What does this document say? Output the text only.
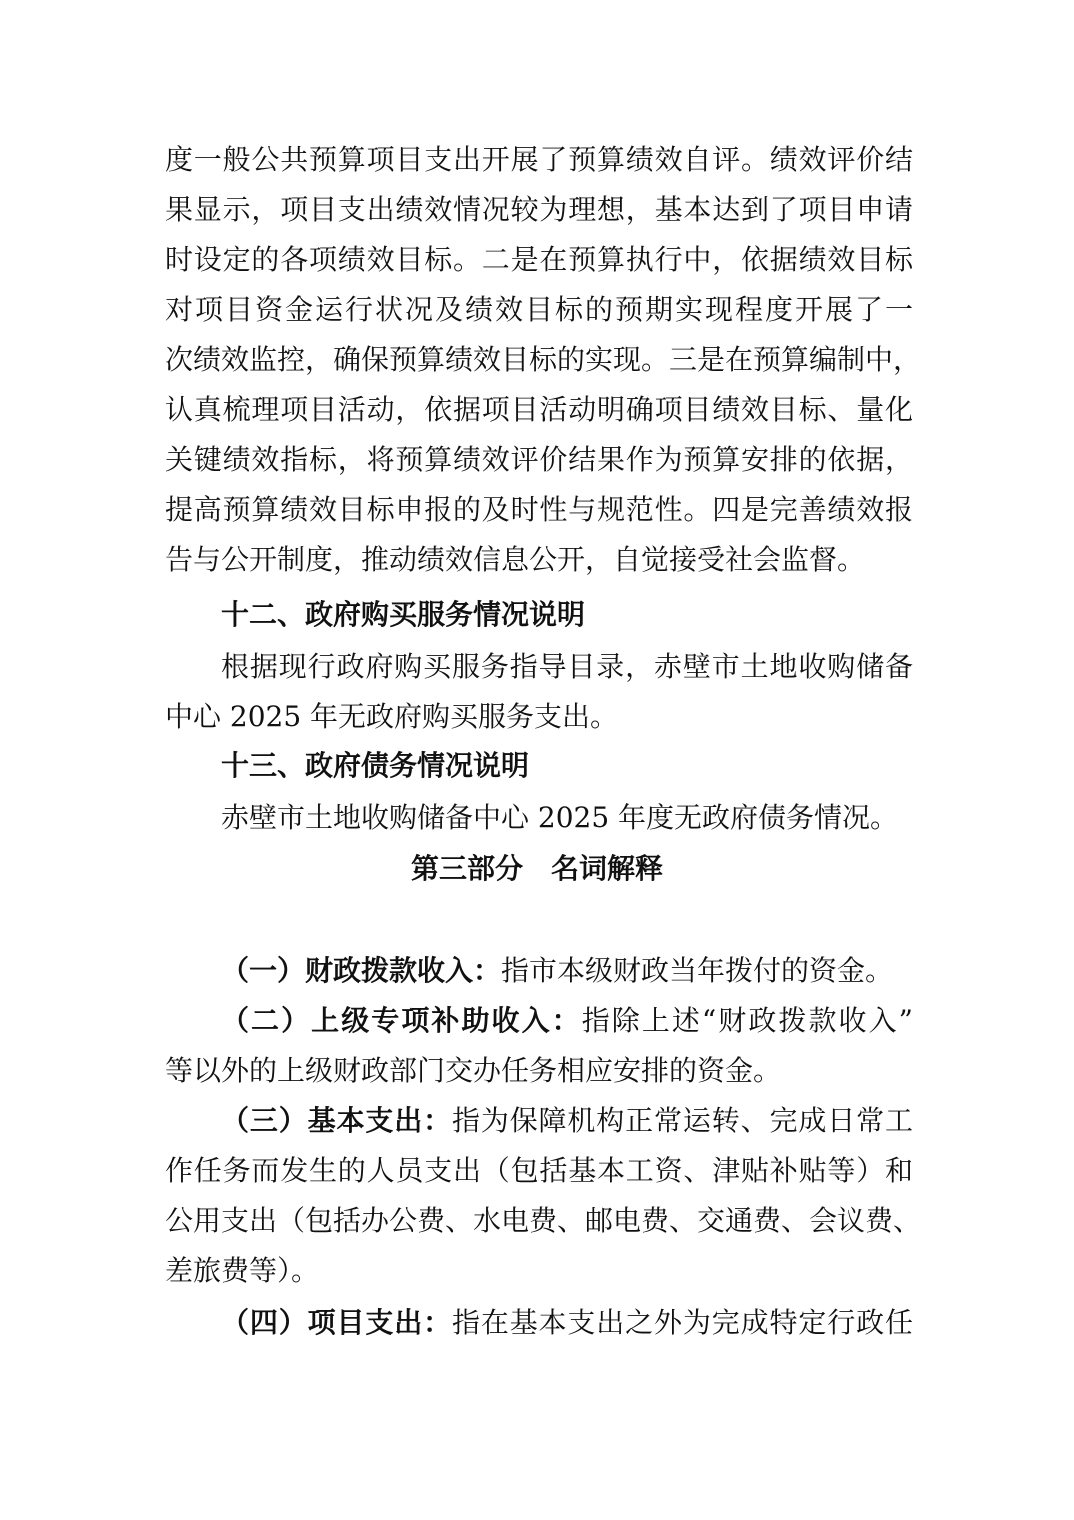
度一般公共预算项目支出开展了预算绩效自评。绩效评价结
果显示，项目支出绩效情况较为理想，基本达到了项目申请
时设定的各项绩效目标。二是在预算执行中，依据绩效目标
对项目资金运行状况及绩效目标的预期实现程度开展了一
次绩效监控，确保预算绩效目标的实现。三是在预算编制中，
认真梳理项目活动，依据项目活动明确项目绩效目标、量化
关键绩效指标，将预算绩效评价结果作为预算安排的依据，
提高预算绩效目标申报的及时性与规范性。四是完善绩效报
告与公开制度，推动绩效信息公开，自觉接受社会监督。
十二、政府购买服务情况说明
根据现行政府购买服务指导目录，赤壁市土地收购储备
中心 2025 年无政府购买服务支出。
十三、政府债务情况说明
赤壁市土地收购储备中心 2025 年度无政府债务情况。
第三部分　名词解释
（一）财政拨款收入：指市本级财政当年拨付的资金。
（二）上级专项补助收入：指除上述“财政拨款收入”
等以外的上级财政部门交办任务相应安排的资金。
（三）基本支出：指为保障机构正常运转、完成日常工
作任务而发生的人员支出（包括基本工资、津贴补贴等）和
公用支出（包括办公费、水电费、邮电费、交通费、会议费、
差旅费等）。
（四）项目支出：指在基本支出之外为完成特定行政任
